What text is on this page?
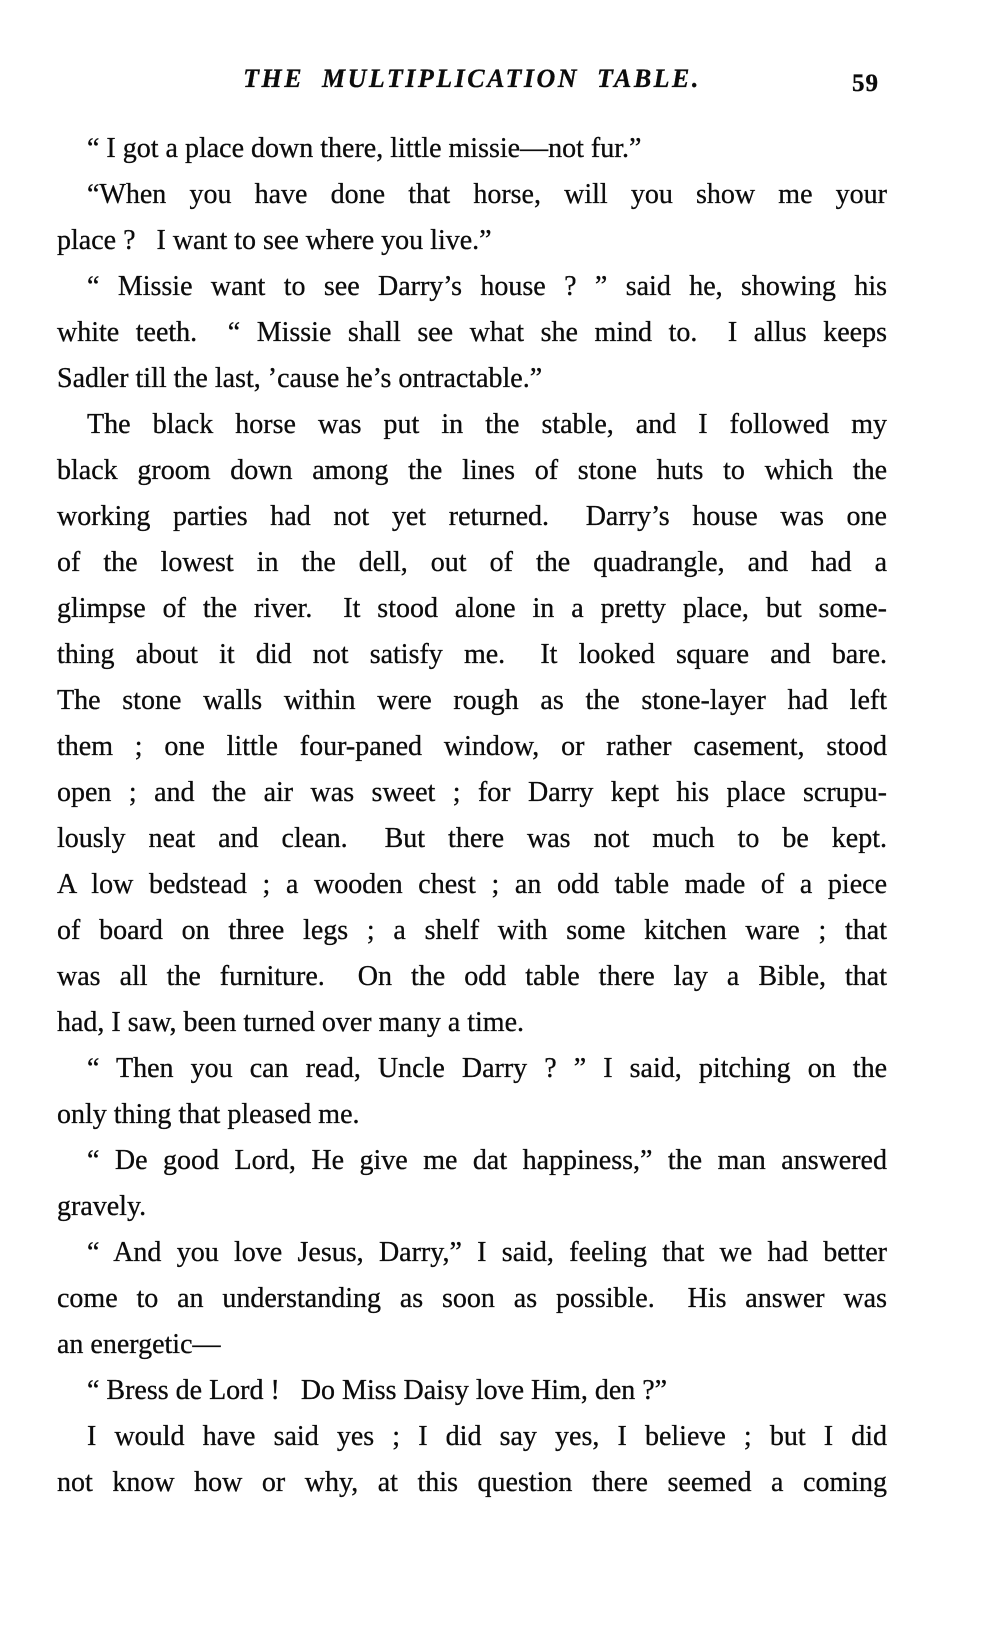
THE MULTIPLICATION TABLE.	59
“ I got a place down there, little missie—not fur.”
“When you have done that horse, will you show me your
place ?  I want to see where you live.”
“ Missie want to see Darry’s house ? ” said he, showing his
white teeth.  “ Missie shall see what she mind to.  I allus keeps
Sadler till the last, ’cause he’s ontractable.”
The black horse was put in the stable, and I followed my
black groom down among the lines of stone huts to which the
working parties had not yet returned.  Darry’s house was one
of the lowest in the dell, out of the quadrangle, and had a
glimpse of the river.  It stood alone in a pretty place, but some-
thing about it did not satisfy me.  It looked square and bare.
The stone walls within were rough as the stone-layer had left
them ; one little four-paned window, or rather casement, stood
open ; and the air was sweet ; for Darry kept his place scrupu-
lously neat and clean.  But there was not much to be kept.
A low bedstead ; a wooden chest ; an odd table made of a piece
of board on three legs ; a shelf with some kitchen ware ; that
was all the furniture.  On the odd table there lay a Bible, that
had, I saw, been turned over many a time.
“ Then you can read, Uncle Darry ? ” I said, pitching on the
only thing that pleased me.
“ De good Lord, He give me dat happiness,” the man answered
gravely.
“ And you love Jesus, Darry,” I said, feeling that we had better
come to an understanding as soon as possible.  His answer was
an energetic—
“ Bress de Lord !  Do Miss Daisy love Him, den ?”
I would have said yes ; I did say yes, I believe ; but I did
not know how or why, at this question there seemed a coming
